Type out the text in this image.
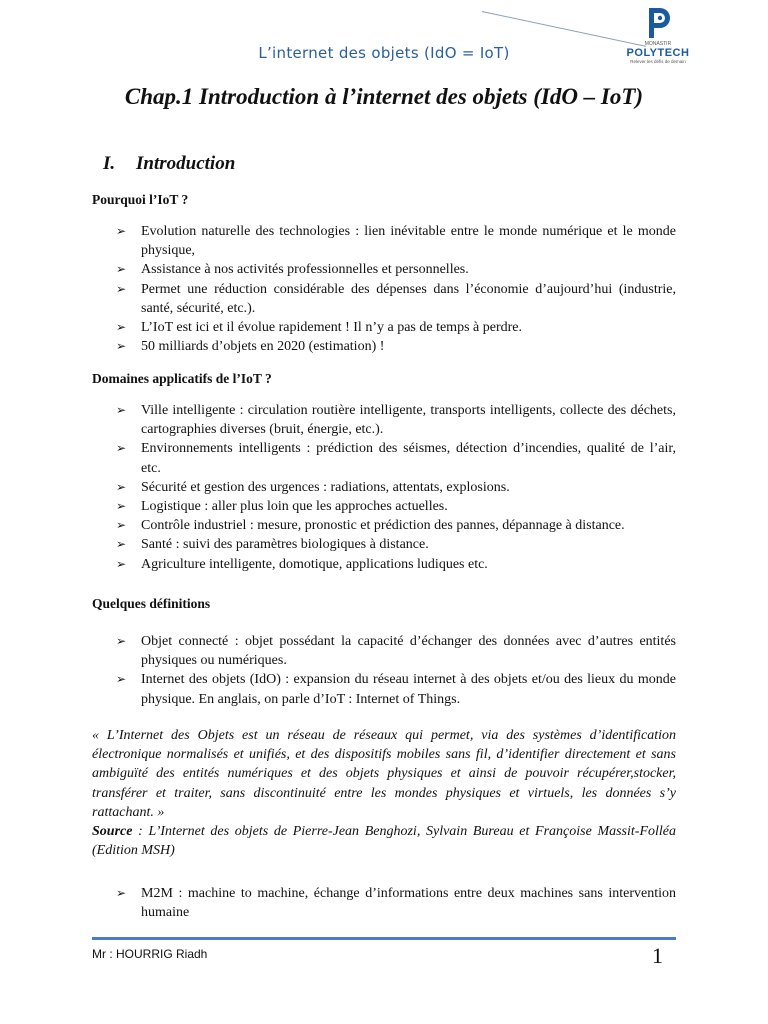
MONASTIR
POLYTECH
Relever les défis de demain
L’internet des objets (IdO = IoT)
Chap.1 Introduction à l’internet des objets (IdO – IoT)
I. Introduction
Pourquoi l’IoT ?
➢ Evolution naturelle des technologies : lien inévitable entre le monde numérique et le monde physique,
➢ Assistance à nos activités professionnelles et personnelles.
➢ Permet une réduction considérable des dépenses dans l’économie d’aujourd’hui (industrie, santé, sécurité, etc.).
➢ L’IoT est ici et il évolue rapidement ! Il n’y a pas de temps à perdre.
➢ 50 milliards d’objets en 2020 (estimation) !
Domaines applicatifs de l’IoT ?
➢ Ville intelligente : circulation routière intelligente, transports intelligents, collecte des déchets, cartographies diverses (bruit, énergie, etc.).
➢ Environnements intelligents : prédiction des séismes, détection d’incendies, qualité de l’air, etc.
➢ Sécurité et gestion des urgences : radiations, attentats, explosions.
➢ Logistique : aller plus loin que les approches actuelles.
➢ Contrôle industriel : mesure, pronostic et prédiction des pannes, dépannage à distance.
➢ Santé : suivi des paramètres biologiques à distance.
➢ Agriculture intelligente, domotique, applications ludiques etc.
Quelques définitions
➢ Objet connecté : objet possédant la capacité d’échanger des données avec d’autres entités physiques ou numériques.
➢ Internet des objets (IdO) : expansion du réseau internet à des objets et/ou des lieux du monde physique. En anglais, on parle d’IoT : Internet of Things.
« L’Internet des Objets est un réseau de réseaux qui permet, via des systèmes d’identification électronique normalisés et unifiés, et des dispositifs mobiles sans fil, d’identifier directement et sans ambiguïté des entités numériques et des objets physiques et ainsi de pouvoir récupérer,stocker, transférer et traiter, sans discontinuité entre les mondes physiques et virtuels, les données s’y rattachant. »
Source : L’Internet des objets de Pierre-Jean Benghozi, Sylvain Bureau et Françoise Massit-Folléa (Edition MSH)
➢ M2M : machine to machine, échange d’informations entre deux machines sans intervention humaine
Mr : HOURRIG Riadh	1
